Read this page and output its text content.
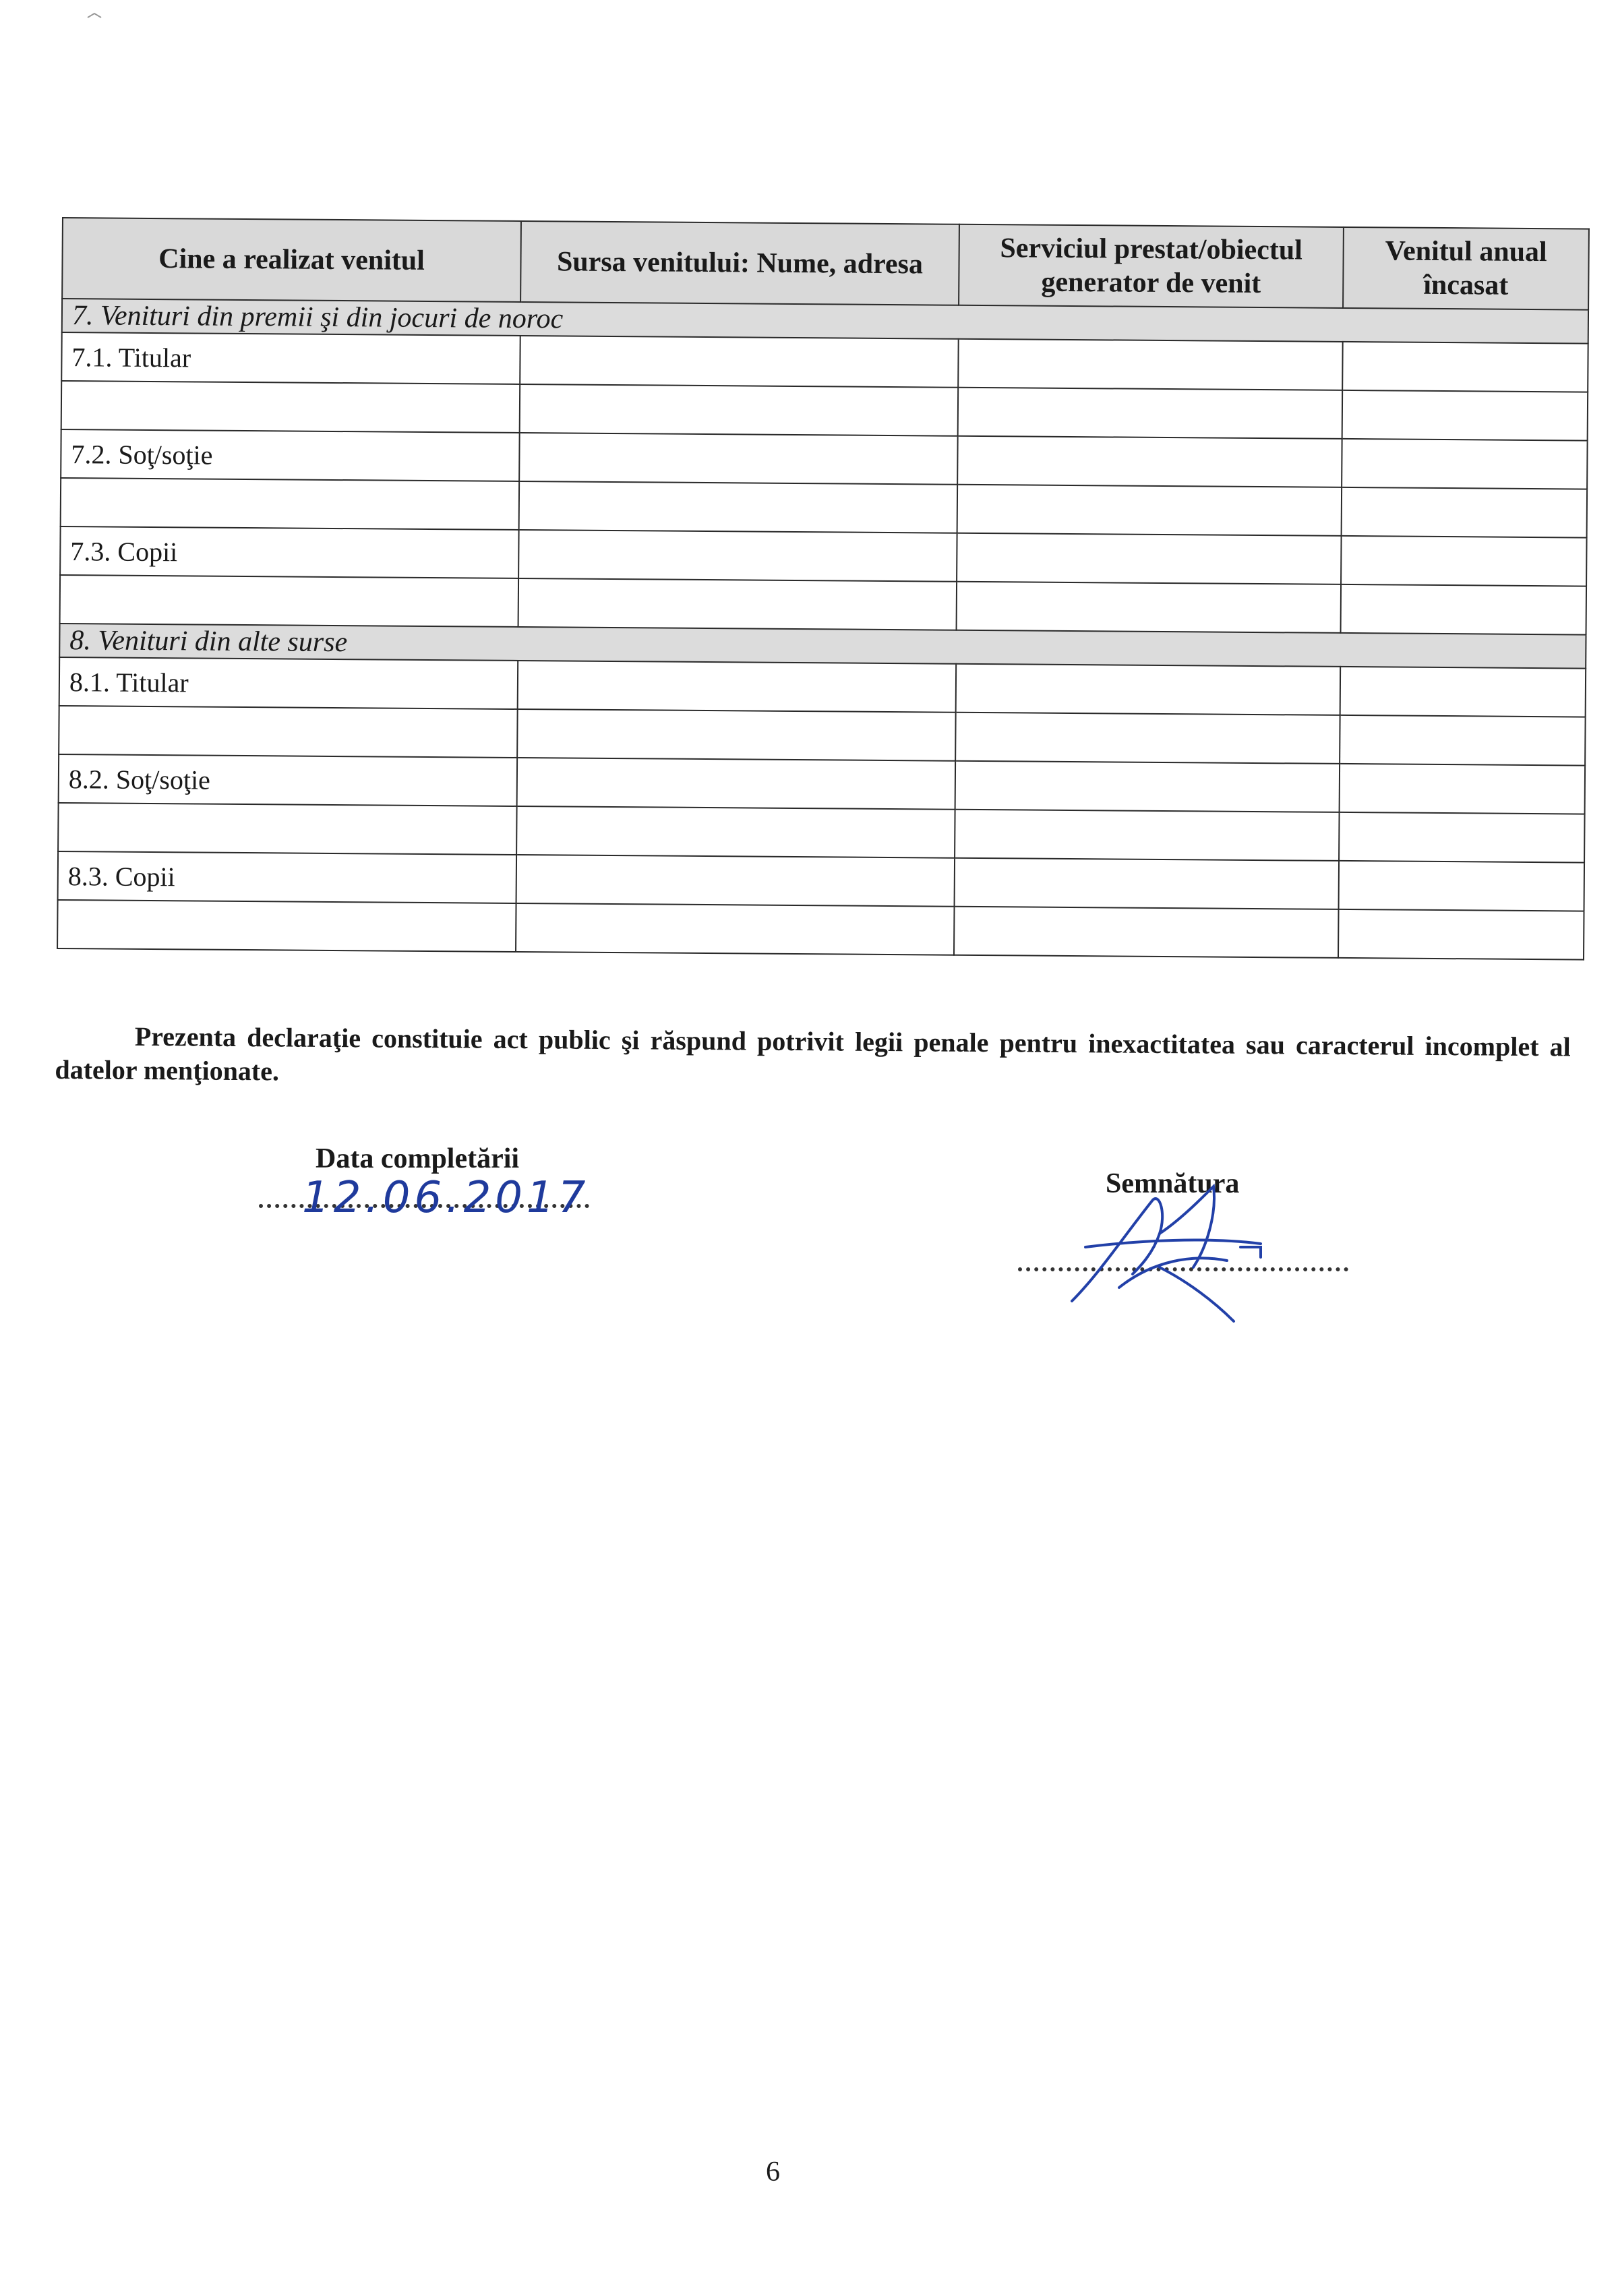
Cine a realizat venitul	Sursa venitului: Nume, adresa	Serviciul prestat/obiectul generator de venit	Venitul anual încasat
7. Venituri din premii şi din jocuri de noroc			
7.1. Titular			

7.2. Soţ/soţie			

7.3. Copii			

8. Venituri din alte surse			
8.1. Titular			

8.2. Soţ/soţie			

8.3. Copii			

Prezenta declaraţie constituie act public şi răspund potrivit legii penale pentru inexactitatea sau caracterul incomplet al datelor menţionate.
Data completării
12.06.2017	Semnătura
6
